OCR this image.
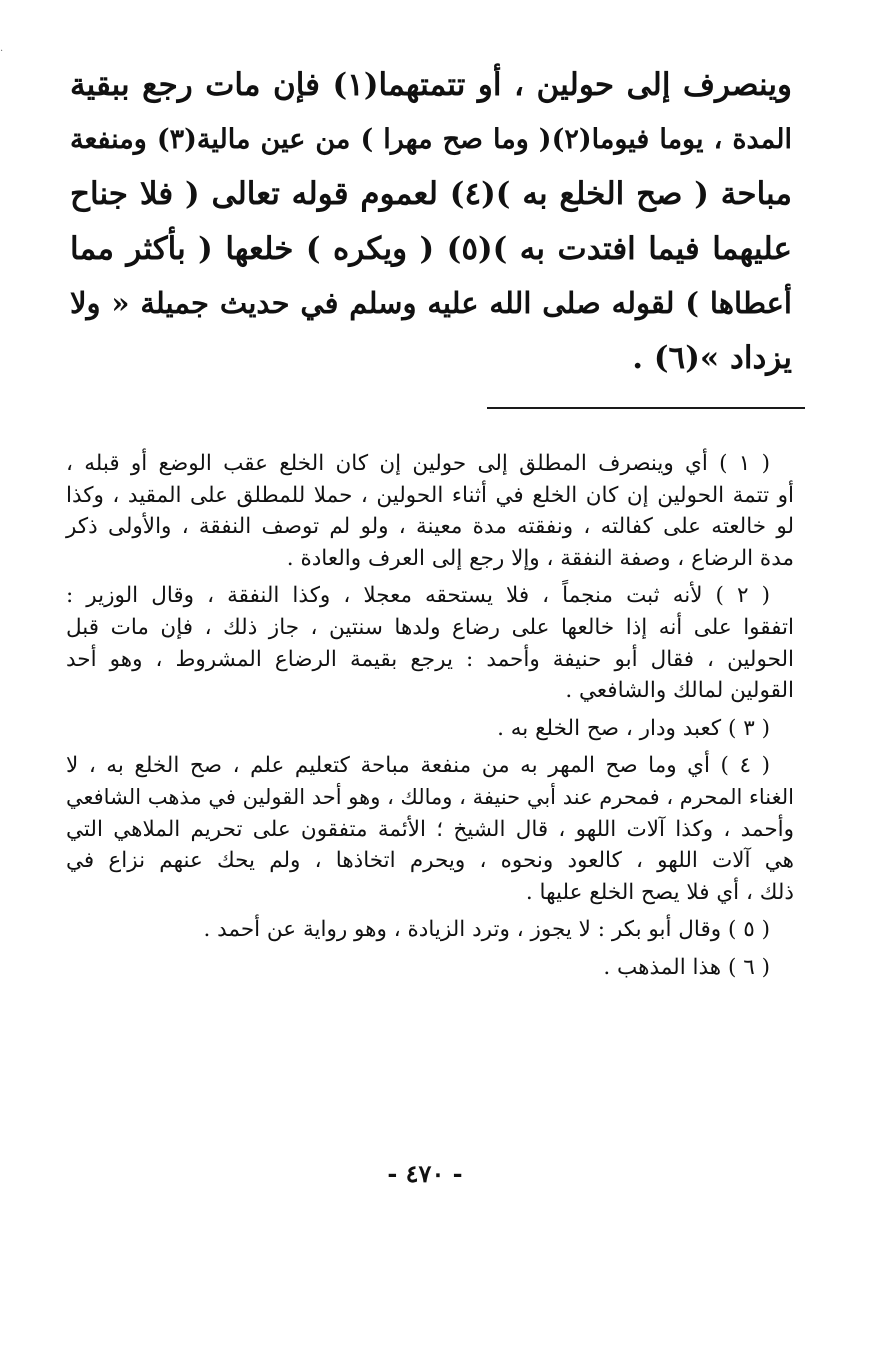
·
وينصرف إلى حولين ، أو تتمتهما(١) فإن مات رجع ببقية
المدة ، يوما فيوما(٢)( وما صح مهرا ) من عين مالية(٣) ومنفعة
مباحة ( صح الخلع به )(٤) لعموم قوله تعالى ( فلا جناح
عليهما فيما افتدت به )(٥) ( ويكره ) خلعها ( بأكثر مما
أعطاها ) لقوله صلى الله عليه وسلم في حديث جميلة « ولا
يزداد »(٦) .
( ١ ) أي وينصرف المطلق إلى حولين إن كان الخلع عقب الوضع أو قبله ،
أو تتمة الحولين إن كان الخلع في أثناء الحولين ، حملا للمطلق على المقيد ، وكذا
لو خالعته على كفالته ، ونفقته مدة معينة ، ولو لم توصف النفقة ، والأولى ذكر
مدة الرضاع ، وصفة النفقة ، وإلا رجع إلى العرف والعادة .
( ٢ ) لأنه ثبت منجماً ، فلا يستحقه معجلا ، وكذا النفقة ، وقال الوزير :
اتفقوا على أنه إذا خالعها على رضاع ولدها سنتين ، جاز ذلك ، فإن مات قبل
الحولين ، فقال أبو حنيفة وأحمد : يرجع بقيمة الرضاع المشروط ، وهو أحد
القولين لمالك والشافعي .
( ٣ ) كعبد ودار ، صح الخلع به .
( ٤ ) أي وما صح المهر به من منفعة مباحة كتعليم علم ، صح الخلع به ، لا
الغناء المحرم ، فمحرم عند أبي حنيفة ، ومالك ، وهو أحد القولين في مذهب الشافعي
وأحمد ، وكذا آلات اللهو ، قال الشيخ ؛ الأئمة متفقون على تحريم الملاهي التي
هي آلات اللهو ، كالعود ونحوه ، ويحرم اتخاذها ، ولم يحك عنهم نزاع في
ذلك ، أي فلا يصح الخلع عليها .
( ٥ ) وقال أبو بكر : لا يجوز ، وترد الزيادة ، وهو رواية عن أحمد .
( ٦ ) هذا المذهب .
- ٤٧٠ -
